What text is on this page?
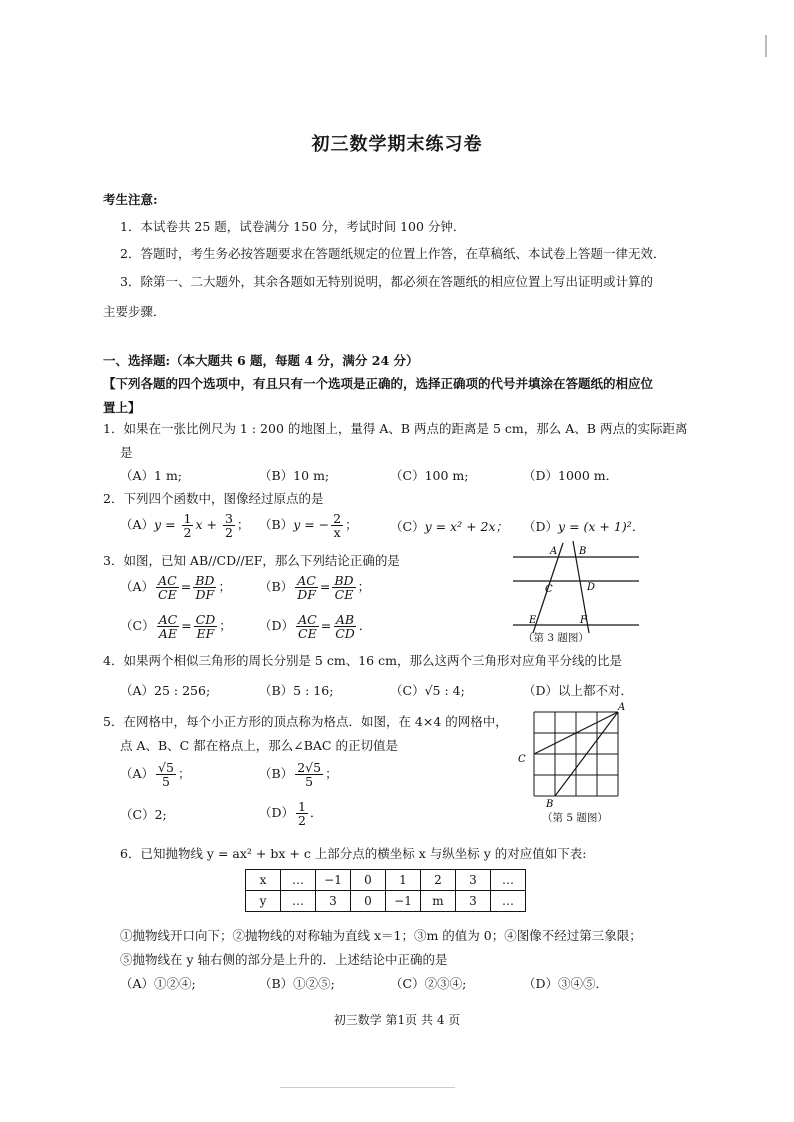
初三数学期末练习卷
考生注意:
1．本试卷共 25 题，试卷满分 150 分，考试时间 100 分钟．
2．答题时，考生务必按答题要求在答题纸规定的位置上作答，在草稿纸、本试卷上答题一律无效．
3．除第一、二大题外，其余各题如无特别说明，都必须在答题纸的相应位置上写出证明或计算的
主要步骤．
一、选择题:（本大题共 6 题，每题 4 分，满分 24 分）
【下列各题的四个选项中，有且只有一个选项是正确的，选择正确项的代号并填涂在答题纸的相应位
置上】
1．如果在一张比例尺为 1 : 200 的地图上，量得 A、B 两点的距离是 5 cm，那么 A、B 两点的实际距离
是
（A）1 m;	（B）10 m;	（C）100 m;	（D）1000 m．
2．下列四个函数中，图像经过原点的是
$(A)y = \frac{1}{2}$ $x + \frac{3}{2}$ ； （B）y = − $\frac{2}{x}$ ；	（C）y = x² + 2x； （D）y = (x + 1)²．
3．如图，已知 AB//CD//EF，那么下列结论正确的是
$(A) \frac{AC}{CE} = \frac{BD}{DF}$ ； $(B) \frac{AC}{DF} = \frac{BD}{CE}$ ；
$(C) \frac{AC}{AE} = \frac{CD}{EF}$ ； $(D) \frac{AC}{CE} = \frac{AB}{CD}$ ．
A B
C	D
E	F
（第 3 题图）
4．如果两个相似三角形的周长分别是 5 cm、16 cm，那么这两个三角形对应角平分线的比是
（A）25 : 256;	（B）5 : 16;	（C）√5 : 4;	（D）以上都不对．
5．在网格中，每个小正方形的顶点称为格点．如图，在 4×4 的网格中，
点 A、B、C 都在格点上，那么∠BAC 的正切值是
$(A) \frac{√5}{5}$ ；	$(B) \frac{2√5}{5}$ ；
（C）2;	$(D) \frac{1}{2}$ ．
A
B
C
（第 5 题图）
6．已知抛物线 y = ax² + bx + c 上部分点的横坐标 x 与纵坐标 y 的对应值如下表:
x	…	−1	0	1	2	3	…
y	…	3	0	−1	m	3	…
①抛物线开口向下；②抛物线的对称轴为直线 x＝1；③m 的值为 0；④图像不经过第三象限；
⑤抛物线在 y 轴右侧的部分是上升的．上述结论中正确的是
（A）①②④;	（B）①②⑤;	（C）②③④;	（D）③④⑤．
初三数学 第1页 共 4 页
